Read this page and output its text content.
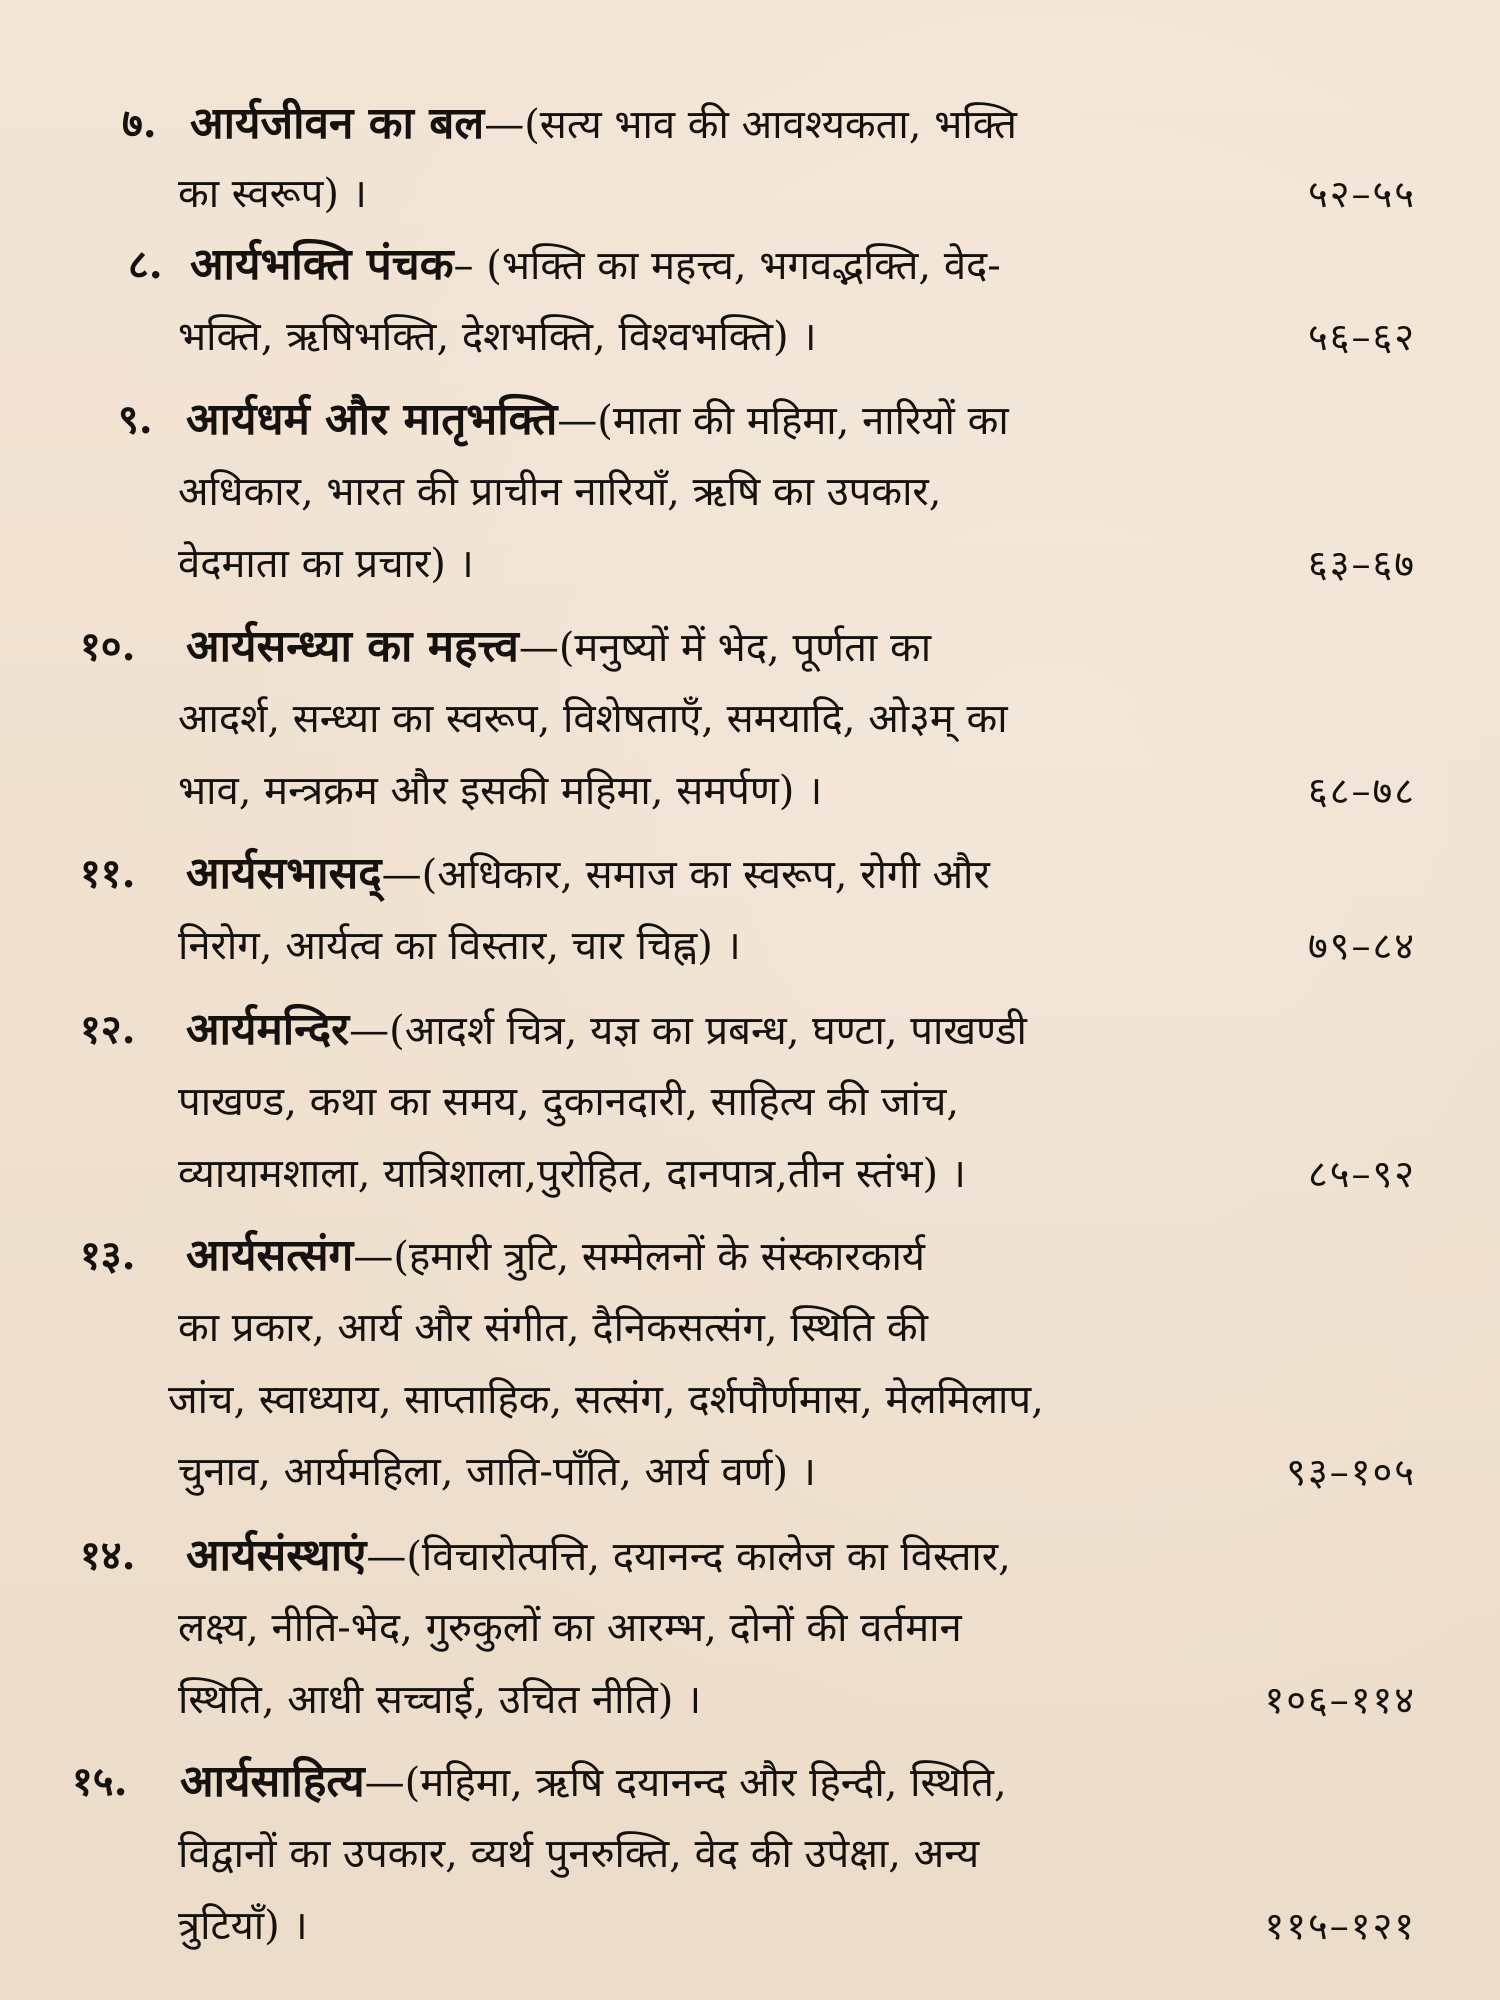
७. आर्यजीवन का बल—(सत्य भाव की आवश्यकता, भक्ति
का स्वरूप) ।	५२–५५
८. आर्यभक्ति पंचक– (भक्ति का महत्त्व, भगवद्भक्ति, वेद-
भक्ति, ऋषिभक्ति, देशभक्ति, विश्वभक्ति) ।	५६–६२
९. आर्यधर्म और मातृभक्ति—(माता की महिमा, नारियों का
अधिकार, भारत की प्राचीन नारियाँ, ऋषि का उपकार,
वेदमाता का प्रचार) ।	६३–६७
१०. आर्यसन्ध्या का महत्त्व—(मनुष्यों में भेद, पूर्णता का
आदर्श, सन्ध्या का स्वरूप, विशेषताएँ, समयादि, ओ३म् का
भाव, मन्त्रक्रम और इसकी महिमा, समर्पण) ।	६८–७८
११. आर्यसभासद्—(अधिकार, समाज का स्वरूप, रोगी और
निरोग, आर्यत्व का विस्तार, चार चिह्न) ।	७९–८४
१२. आर्यमन्दिर—(आदर्श चित्र, यज्ञ का प्रबन्ध, घण्टा, पाखण्डी
पाखण्ड, कथा का समय, दुकानदारी, साहित्य की जांच,
व्यायामशाला, यात्रिशाला,पुरोहित, दानपात्र,तीन स्तंभ) ।	८५–९२
१३. आर्यसत्संग—(हमारी त्रुटि, सम्मेलनों के संस्कारकार्य
का प्रकार, आर्य और संगीत, दैनिकसत्संग, स्थिति की
जांच, स्वाध्याय, साप्ताहिक, सत्संग, दर्शपौर्णमास, मेलमिलाप,
चुनाव, आर्यमहिला, जाति-पाँति, आर्य वर्ण) ।	९३–१०५
१४. आर्यसंस्थाएं—(विचारोत्पत्ति, दयानन्द कालेज का विस्तार,
लक्ष्य, नीति-भेद, गुरुकुलों का आरम्भ, दोनों की वर्तमान
स्थिति, आधी सच्चाई, उचित नीति) ।	१०६–११४
१५. आर्यसाहित्य—(महिमा, ऋषि दयानन्द और हिन्दी, स्थिति,
विद्वानों का उपकार, व्यर्थ पुनरुक्ति, वेद की उपेक्षा, अन्य
त्रुटियाँ) ।	११५–१२१
